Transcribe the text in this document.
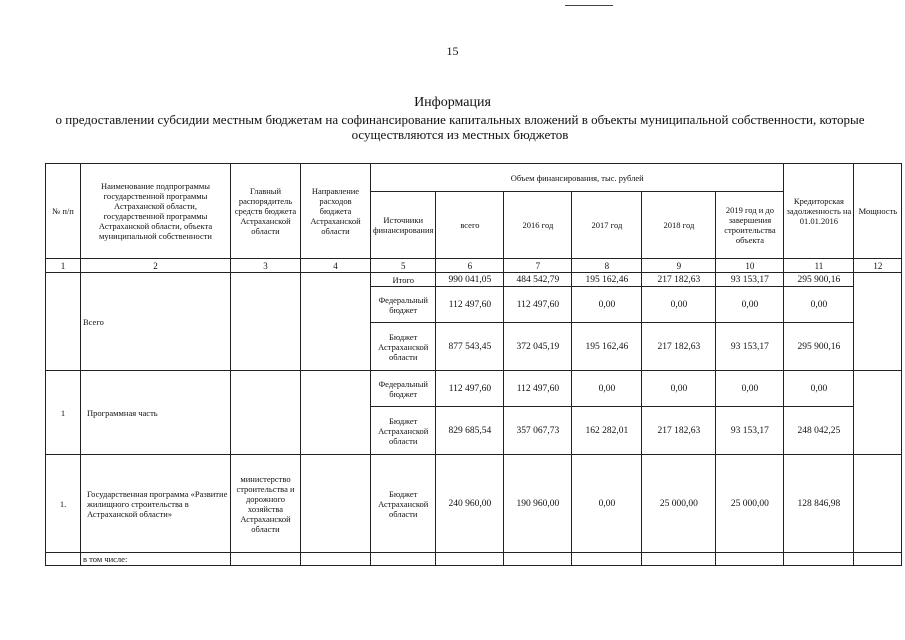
15
Информация
о предоставлении субсидии местным бюджетам на софинансирование капитальных вложений в объекты муниципальной собственности, которые осуществляются из местных бюджетов
№ п/п	Наименование подпрограммы государственной программы Астраханской области, государственной программы Астраханской области, объекта муниципальной собственности	Главный распорядитель средств бюджета Астраханской области	Направление расходов бюджета Астраханской области	Объем финансирования, тыс. рублей						Кредиторская задолженность на 01.01.2016	Мощность
				Источники финансирования	всего	2016 год	2017 год	2018 год	2019 год и до завершения строительства объекта		
1	2	3	4	5	6	7	8	9	10	11	12
	Всего			Итого	990 041,05	484 542,79	195 162,46	217 182,63	93 153,17	295 900,16	
				Федеральный бюджет	112 497,60	112 497,60	0,00	0,00	0,00	0,00	
				Бюджет Астраханской области	877 543,45	372 045,19	195 162,46	217 182,63	93 153,17	295 900,16	
1	Программная часть			Федеральный бюджет	112 497,60	112 497,60	0,00	0,00	0,00	0,00	
				Бюджет Астраханской области	829 685,54	357 067,73	162 282,01	217 182,63	93 153,17	248 042,25	
1.	Государственная программа «Развитие жилищного строительства в Астраханской области»	министерство строительства и дорожного хозяйства Астраханской области		Бюджет Астраханской области	240 960,00	190 960,00	0,00	25 000,00	25 000,00	128 846,98	
	в том числе:										
